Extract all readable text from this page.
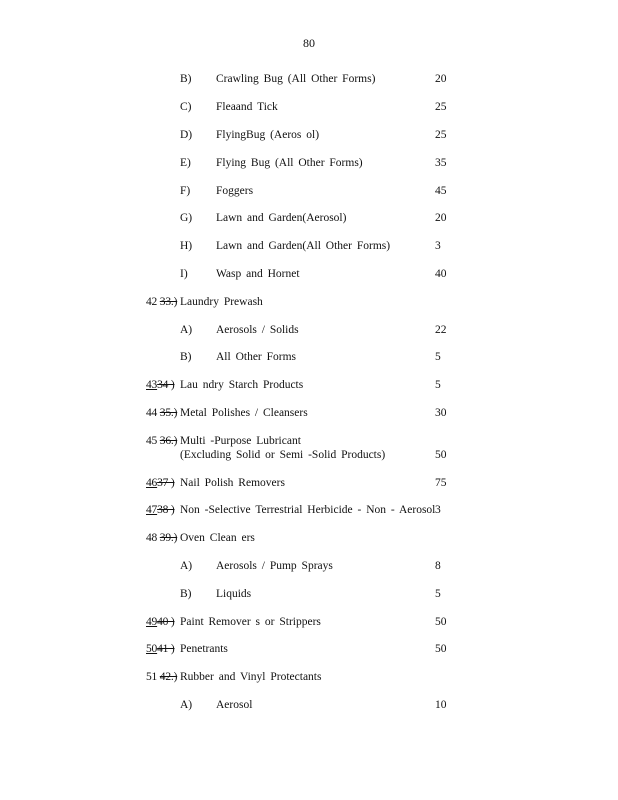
80
B) Crawling Bug (All Other Forms)	20
C) Fleaand Tick	25
D) FlyingBug (Aeros ol)	25
E) Flying Bug (All Other Forms)	35
F) Foggers	45
G) Lawn and Garden(Aerosol)	20
H) Lawn and Garden(All Other Forms)	3
I) Wasp and Hornet	40
42 33.) Laundry Prewash
A) Aerosols / Solids	22
B) All Other Forms	5
4334 ) Lau ndry Starch Products	5
44 35.) Metal Polishes / Cleansers	30
45 36.) Multi -Purpose Lubricant
(Excluding Solid or Semi -Solid Products)	50
4637 ) Nail Polish Removers	75
4738 ) Non -Selective Terrestrial Herbicide - Non - Aerosol 3
48 39.) Oven Clean ers
A) Aerosols / Pump Sprays	8
B) Liquids	5
4940 ) Paint Remover s or Strippers	50
5041 ) Penetrants	50
51 42.) Rubber and Vinyl Protectants
A) Aerosol	10
